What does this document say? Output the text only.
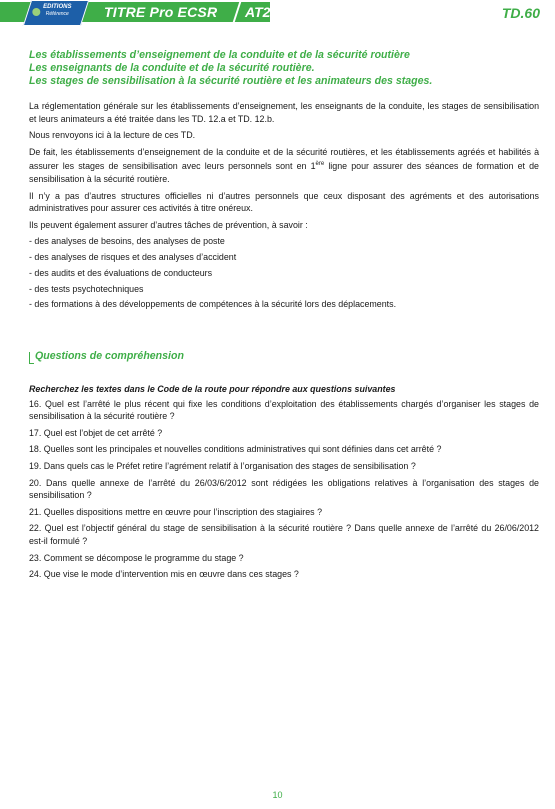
EDITIONS
Référence	TITRE Pro ECSR AT2	TD.60
Les établissements d’enseignement de la conduite et de la sécurité routière
Les enseignants de la conduite et de la sécurité routière.
Les stages de sensibilisation à la sécurité routière et les animateurs des stages.

La réglementation générale sur les établissements d’enseignement, les enseignants de la conduite, les stages de sensibilisation et leurs animateurs a été traitée dans les TD. 12.a et TD. 12.b.

Nous renvoyons ici à la lecture de ces TD.

De fait, les établissements d’enseignement de la conduite et de la sécurité routières, et les établissements agréés et habilités à assurer les stages de sensibilisation avec leurs personnels sont en 1ère ligne pour assurer des séances de formation et de sensibilisation à la sécurité routière.

Il n’y a pas d’autres structures officielles ni d’autres personnels que ceux disposant des agréments et des autorisations administratives pour assurer ces activités à titre onéreux.

Ils peuvent également assurer d’autres tâches de prévention, à savoir :

- des analyses de besoins, des analyses de poste
- des analyses de risques et des analyses d’accident
- des audits et des évaluations de conducteurs
- des tests psychotechniques
- des formations à des développements de compétences à la sécurité lors des déplacements.
Questions de compréhension

Recherchez les textes dans le Code de la route pour répondre aux questions suivantes

16. Quel est l’arrêté le plus récent qui fixe les conditions d’exploitation des établissements chargés d’organiser les stages de sensibilisation à la sécurité routière ?

17. Quel est l’objet de cet arrêté ?

18. Quelles sont les principales et nouvelles conditions administratives qui sont définies dans cet arrêté ?

19. Dans quels cas le Préfet retire l’agrément relatif à l’organisation des stages de sensibilisation ?

20. Dans quelle annexe de l’arrêté du 26/03/6/2012 sont rédigées les obligations relatives à l’organisation des stages de sensibilisation ?

21. Quelles dispositions mettre en œuvre pour l’inscription des stagiaires ?

22. Quel est l’objectif général du stage de sensibilisation à la sécurité routière ? Dans quelle annexe de l’arrêté du 26/06/2012 est-il formulé ?

23. Comment se décompose le programme du stage ?

24. Que vise le mode d’intervention mis en œuvre dans ces stages ?

10
